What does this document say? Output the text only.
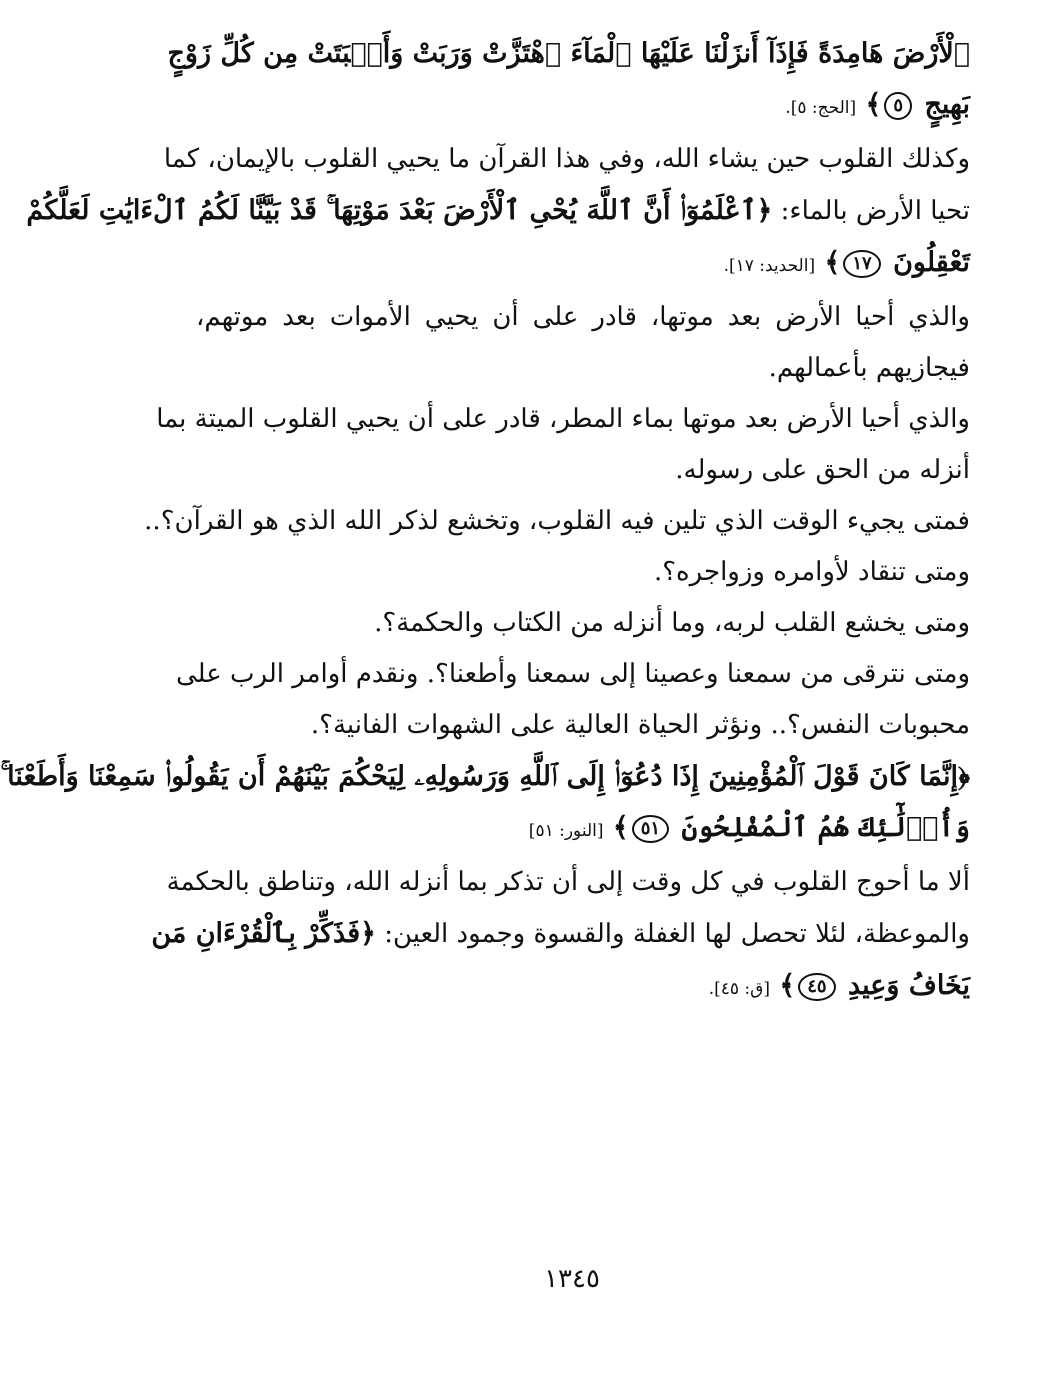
ٱلْأَرْضَ هَامِدَةً فَإِذَآ أَنزَلْنَا عَلَيْهَا ٱلْمَآءَ ٱهْتَزَّتْ وَرَبَتْ وَأَنۢبَتَتْ مِن كُلِّ زَوْجٍ
بَهِيجٍ ٥﴾ [الحج: ٥].
وكذلك القلوب حين يشاء الله، وفي هذا القرآن ما يحيي القلوب بالإيمان، كما
تحيا الأرض بالماء: ﴿ٱعْلَمُوٓا۟ أَنَّ ٱللَّهَ يُحْىِ ٱلْأَرْضَ بَعْدَ مَوْتِهَا ۚ قَدْ بَيَّنَّا لَكُمُ ٱلْءَايَٰتِ لَعَلَّكُمْ
تَعْقِلُونَ ١٧﴾ [الحديد: ١٧].
والذي أحيا الأرض بعد موتها، قادر على أن يحيي الأموات بعد موتهم،
فيجازيهم بأعمالهم.
والذي أحيا الأرض بعد موتها بماء المطر، قادر على أن يحيي القلوب الميتة بما
أنزله من الحق على رسوله.
فمتى يجيء الوقت الذي تلين فيه القلوب، وتخشع لذكر الله الذي هو القرآن؟..
ومتى تنقاد لأوامره وزواجره؟.
ومتى يخشع القلب لربه، وما أنزله من الكتاب والحكمة؟.
ومتى نترقى من سمعنا وعصينا إلى سمعنا وأطعنا؟. ونقدم أوامر الرب على
محبوبات النفس؟.. ونؤثر الحياة العالية على الشهوات الفانية؟.
﴿إِنَّمَا كَانَ قَوْلَ ٱلْمُؤْمِنِينَ إِذَا دُعُوٓا۟ إِلَى ٱللَّهِ وَرَسُولِهِۦ لِيَحْكُمَ بَيْنَهُمْ أَن يَقُولُوا۟ سَمِعْنَا وَأَطَعْنَا ۚ
وَأُو۟لَٰٓئِكَ هُمُ ٱلْمُفْلِحُونَ ٥١﴾ [النور: ٥١]
ألا ما أحوج القلوب في كل وقت إلى أن تذكر بما أنزله الله، وتناطق بالحكمة
والموعظة، لئلا تحصل لها الغفلة والقسوة وجمود العين: ﴿فَذَكِّرْ بِٱلْقُرْءَانِ مَن
يَخَافُ وَعِيدِ ٤٥﴾ [ق: ٤٥].
١٣٤٥
